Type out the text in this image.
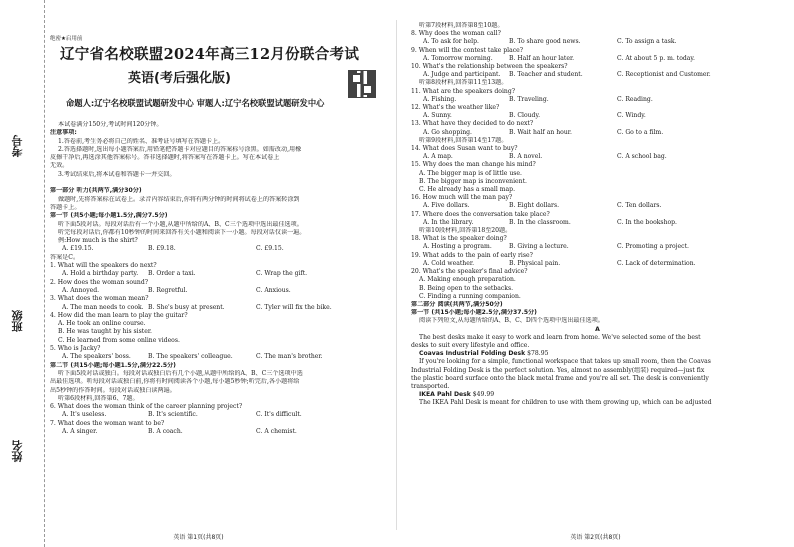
考号
班级
姓名
绝密★启用前
辽宁省名校联盟2024年高三12月份联合考试
英语(考后强化版)
命题人:辽宁名校联盟试题研发中心 审题人:辽宁名校联盟试题研发中心
本试卷满分150分,考试时间120分钟。
注意事项:
1.答卷前,考生务必将自己的姓名、准考证号填写在答题卡上。
2.答选择题时,选出每小题答案后,用铅笔把答题卡对应题目的答案标号涂黑。如需改动,用橡
皮擦干净后,再选涂其他答案标号。答非选择题时,将答案写在答题卡上。写在本试卷上
无效。
3.考试结束后,将本试卷和答题卡一并交回。

第一部分 听力(共两节,满分30分)
做题时,先将答案标在试卷上。录音内容结束后,你将有两分钟的时间将试卷上的答案转涂到
答题卡上。
第一节 (共5小题;每小题1.5分,满分7.5分)
听下面5段对话。每段对话后有一个小题,从题中所给的A、B、C三个选项中选出最佳选项。
听完每段对话后,你都有10秒钟的时间来回答有关小题和阅读下一小题。每段对话仅读一遍。
例:How much is the shirt?
A. £19.15.	B. £9.18.	C. £9.15.
答案是C。
1. What will the speakers do next?
A. Hold a birthday party.	B. Order a taxi.	C. Wrap the gift.
2. How does the woman sound?
A. Annoyed.	B. Regretful.	C. Anxious.
3. What does the woman mean?
A. The man needs to cook. B. She's busy at present.	C. Tyler will fix the bike.
4. How did the man learn to play the guitar?
A. He took an online course.
B. He was taught by his sister.
C. He learned from some online videos.
5. Who is Jacky?
A. The speakers' boss.	B. The speakers' colleague.	C. The man's brother.
第二节 (共15小题;每小题1.5分,满分22.5分)
听下面5段对话或独白。每段对话或独白后有几个小题,从题中所给的A、B、C三个选项中选
出最佳选项。听每段对话或独白前,你将有时间阅读各个小题,每小题5秒钟;听完后,各小题将给
出5秒钟的作答时间。每段对话或独白读两遍。
听第6段材料,回答第6、7题。
6. What does the woman think of the career planning project?
A. It's useless.	B. It's scientific.	C. It's difficult.
7. What does the woman want to be?
A. A singer.	B. A coach.	C. A chemist.
英语 第1页(共8页)
听第7段材料,回答第8至10题。
8. Why does the woman call?
A. To ask for help.	B. To share good news.	C. To assign a task.
9. When will the contest take place?
A. Tomorrow morning.	B. Half an hour later.	C. At about 5 p. m. today.
10. What's the relationship between the speakers?
A. Judge and participant.	B. Teacher and student.	C. Receptionist and Customer.
听第8段材料,回答第11至13题。
11. What are the speakers doing?
A. Fishing.	B. Traveling.	C. Reading.
12. What's the weather like?
A. Sunny.	B. Cloudy.	C. Windy.
13. What have they decided to do next?
A. Go shopping.	B. Wait half an hour.	C. Go to a film.
听第9段材料,回答第14至17题。
14. What does Susan want to buy?
A. A map.	B. A novel.	C. A school bag.
15. Why does the man change his mind?
A. The bigger map is of little use.
B. The bigger map is inconvenient.
C. He already has a small map.
16. How much will the man pay?
A. Five dollars.	B. Eight dollars.	C. Ten dollars.
17. Where does the conversation take place?
A. In the library.	B. In the classroom.	C. In the bookshop.
听第10段材料,回答第18至20题。
18. What is the speaker doing?
A. Hosting a program.	B. Giving a lecture.	C. Promoting a project.
19. What adds to the pain of early rise?
A. Cold weather.	B. Physical pain.	C. Lack of determination.
20. What's the speaker's final advice?
A. Making enough preparation.
B. Being open to the setbacks.
C. Finding a running companion.
第二部分 阅读(共两节,满分50分)
第一节 (共15小题;每小题2.5分,满分37.5分)
阅读下列短文,从每题所给的A、B、C、D四个选项中选出最佳选项。
A
The best desks make it easy to work and learn from home. We've selected some of the best
desks to suit every lifestyle and office.
Coavas Industrial Folding Desk $78.95
If you're looking for a simple, functional workspace that takes up small room, then the Coavas
Industrial Folding Desk is the perfect solution. Yes, almost no assembly(组装) required—just fix
the plastic board surface onto the black metal frame and you're all set. The desk is conveniently
transported.
IKEA Pahl Desk $49.99
The IKEA Pahl Desk is meant for children to use with them growing up, which can be adjusted
英语 第2页(共8页)
